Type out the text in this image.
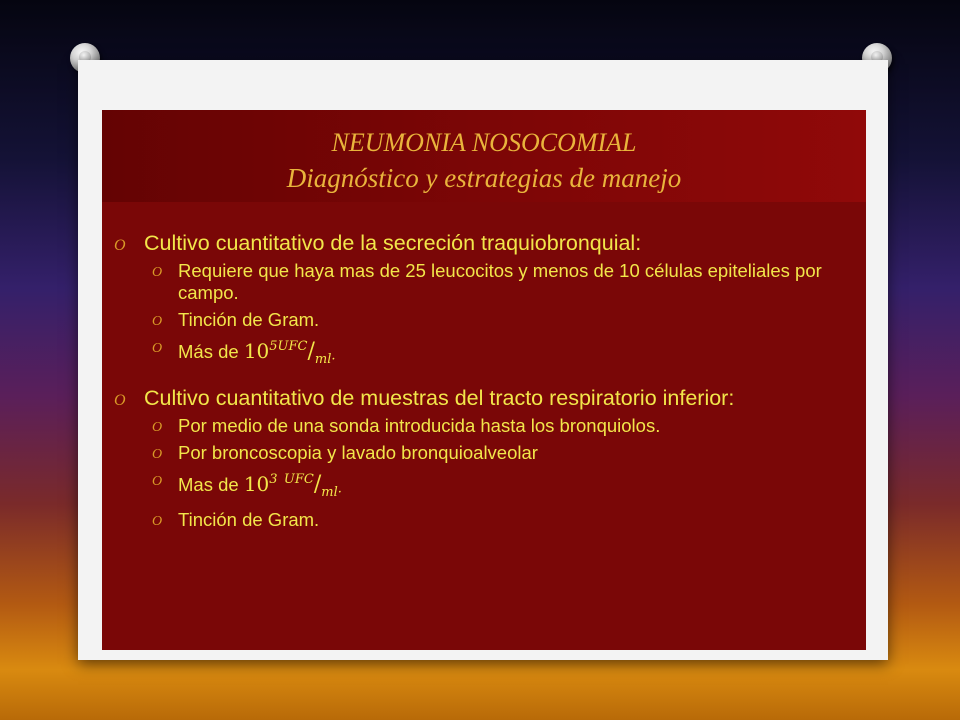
NEUMONIA NOSOCOMIAL
Diagnóstico y estrategias de manejo
O Cultivo cuantitativo de la secreción traquiobronquial:
O Requiere que haya mas de 25 leucocitos y menos de 10 células epiteliales por campo.
O Tinción de Gram.
O Más de $10^{5UFC}/_{ml\cdot}$
O Cultivo cuantitativo de muestras del tracto respiratorio inferior:
O Por medio de una sonda introducida hasta los bronquiolos.
O Por broncoscopia y lavado bronquioalveolar
O Mas de $10^3$ $^{UFC}/_{ml\cdot}$
O Tinción de Gram.
